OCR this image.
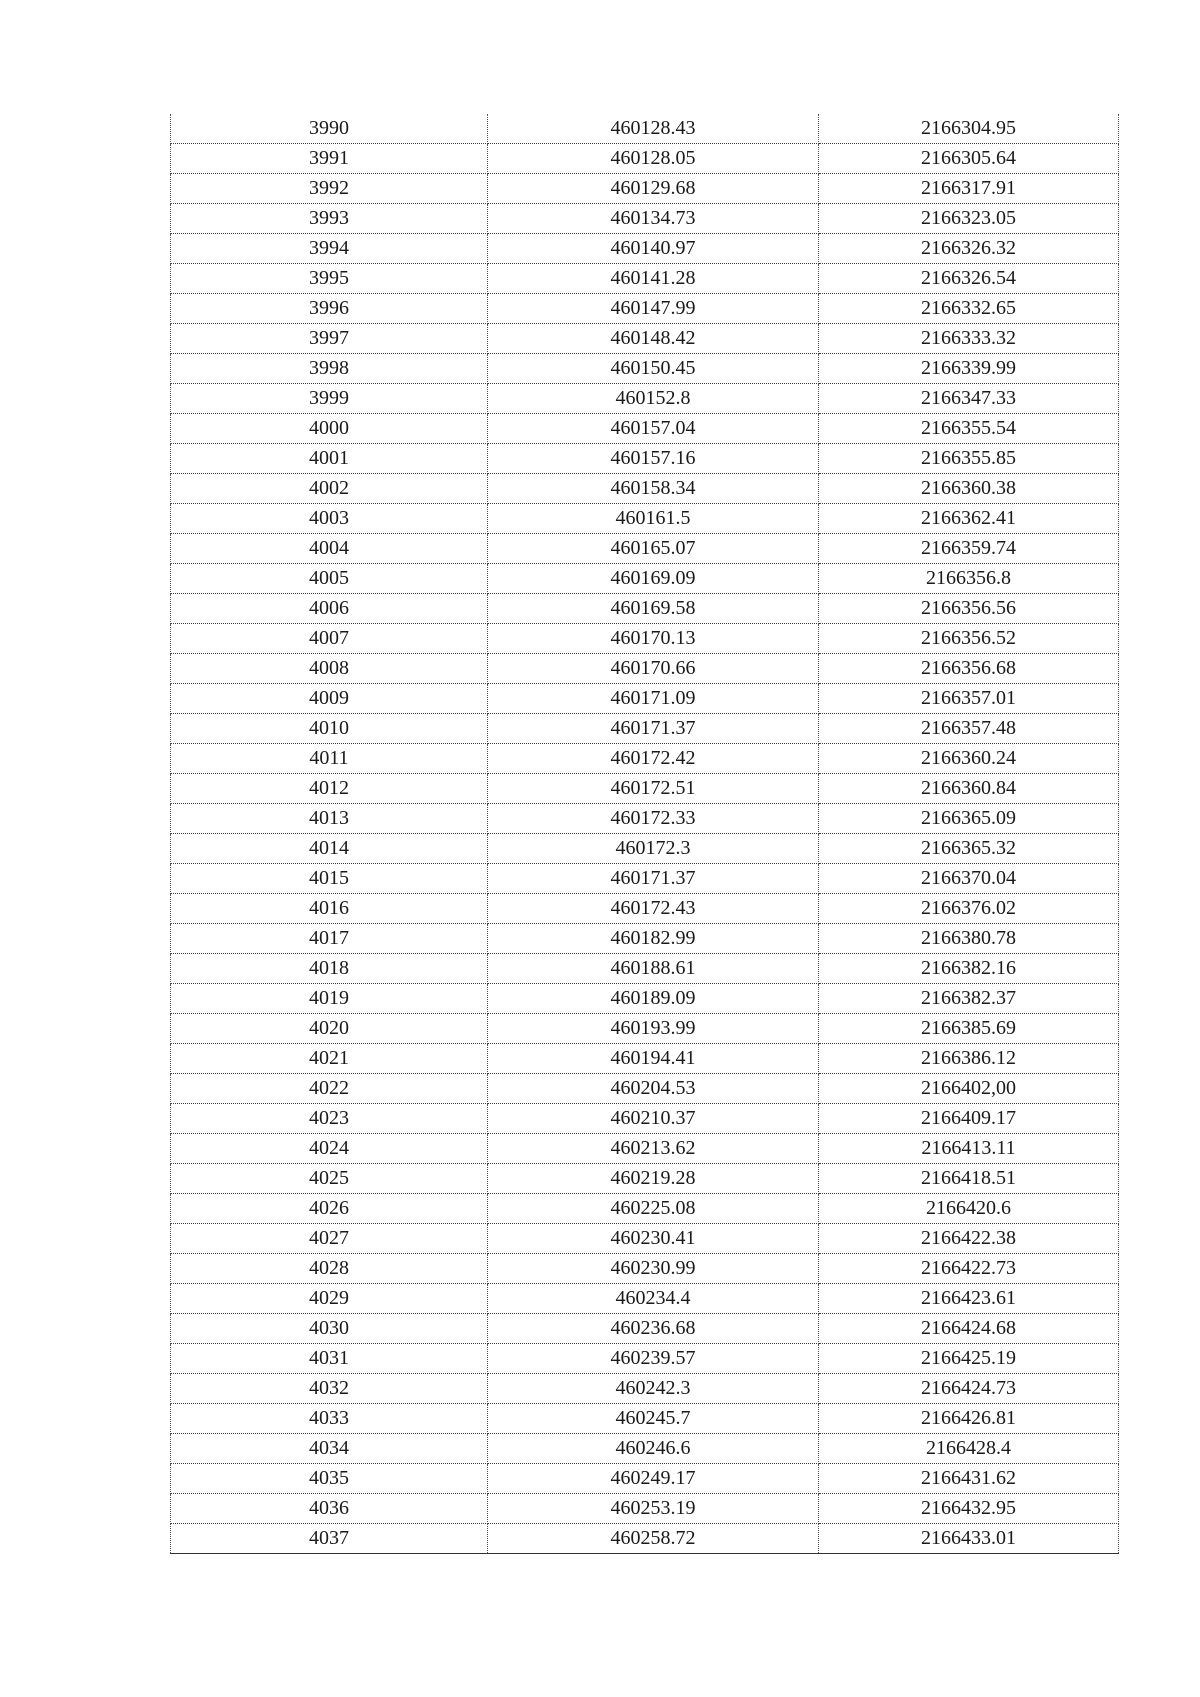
3990	460128.43	2166304.95
3991	460128.05	2166305.64
3992	460129.68	2166317.91
3993	460134.73	2166323.05
3994	460140.97	2166326.32
3995	460141.28	2166326.54
3996	460147.99	2166332.65
3997	460148.42	2166333.32
3998	460150.45	2166339.99
3999	460152.8	2166347.33
4000	460157.04	2166355.54
4001	460157.16	2166355.85
4002	460158.34	2166360.38
4003	460161.5	2166362.41
4004	460165.07	2166359.74
4005	460169.09	2166356.8
4006	460169.58	2166356.56
4007	460170.13	2166356.52
4008	460170.66	2166356.68
4009	460171.09	2166357.01
4010	460171.37	2166357.48
4011	460172.42	2166360.24
4012	460172.51	2166360.84
4013	460172.33	2166365.09
4014	460172.3	2166365.32
4015	460171.37	2166370.04
4016	460172.43	2166376.02
4017	460182.99	2166380.78
4018	460188.61	2166382.16
4019	460189.09	2166382.37
4020	460193.99	2166385.69
4021	460194.41	2166386.12
4022	460204.53	2166402,00
4023	460210.37	2166409.17
4024	460213.62	2166413.11
4025	460219.28	2166418.51
4026	460225.08	2166420.6
4027	460230.41	2166422.38
4028	460230.99	2166422.73
4029	460234.4	2166423.61
4030	460236.68	2166424.68
4031	460239.57	2166425.19
4032	460242.3	2166424.73
4033	460245.7	2166426.81
4034	460246.6	2166428.4
4035	460249.17	2166431.62
4036	460253.19	2166432.95
4037	460258.72	2166433.01
